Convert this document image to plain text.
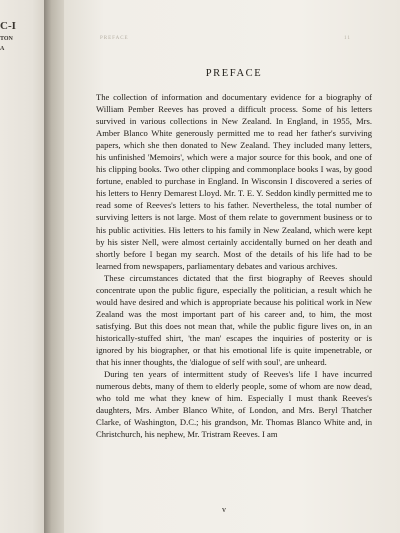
C-I
TON
A
PREFACE	11
PREFACE

The collection of information and documentary evidence for a biography of William Pember Reeves has proved a difficult process. Some of his letters survived in various collections in New Zealand. In England, in 1955, Mrs. Amber Blanco White generously permitted me to read her father's surviving papers, which she then donated to New Zealand. They included many letters, his unfinished 'Memoirs', which were a major source for this book, and one of his clipping books. Two other clipping and commonplace books I was, by good fortune, enabled to purchase in England. In Wisconsin I discovered a series of his letters to Henry Demarest Lloyd. Mr. T. E. Y. Seddon kindly permitted me to read some of Reeves's letters to his father. Nevertheless, the total number of surviving letters is not large. Most of them relate to government business or to his public activities. His letters to his family in New Zealand, which were kept by his sister Nell, were almost certainly accidentally burned on her death and shortly before I began my search. Most of the details of his life had to be learned from newspapers, parliamentary debates and various archives.

These circumstances dictated that the first biography of Reeves should concentrate upon the public figure, especially the politician, a result which he would have desired and which is appropriate because his political work in New Zealand was the most important part of his career and, to him, the most satisfying. But this does not mean that, while the public figure lives on, in an historically-stuffed shirt, 'the man' escapes the inquiries of posterity or is ignored by his biographer, or that his emotional life is quite impenetrable, or that his inner thoughts, the 'dialogue of self with soul', are unheard.

During ten years of intermittent study of Reeves's life I have incurred numerous debts, many of them to elderly people, some of whom are now dead, who told me what they knew of him. Especially I must thank Reeves's daughters, Mrs. Amber Blanco White, of London, and Mrs. Beryl Thatcher Clarke, of Washington, D.C.; his grandson, Mr. Thomas Blanco White and, in Christchurch, his nephew, Mr. Tristram Reeves. I am

v
